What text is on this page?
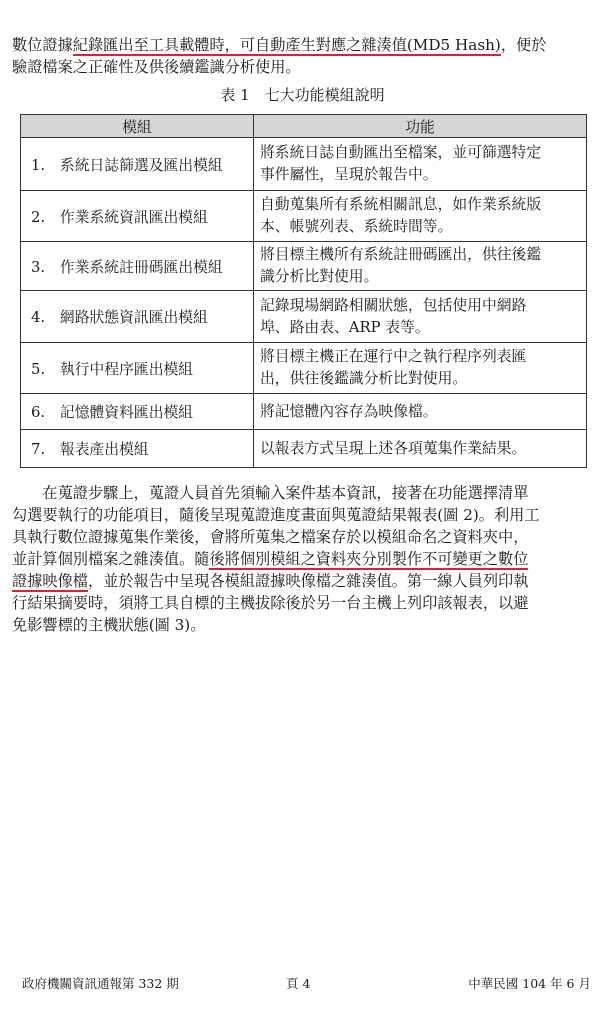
數位證據紀錄匯出至工具載體時，可自動產生對應之雜湊值(MD5 Hash)，便於
驗證檔案之正確性及供後續鑑識分析使用。

表 1　七大功能模組說明
模組	功能
1.　系統日誌篩選及匯出模組	將系統日誌自動匯出至檔案，並可篩選特定
事件屬性，呈現於報告中。

2.　作業系統資訊匯出模組	自動蒐集所有系統相關訊息，如作業系統版
本、帳號列表、系統時間等。

3.　作業系統註冊碼匯出模組	將目標主機所有系統註冊碼匯出，供往後鑑
識分析比對使用。

4.　網路狀態資訊匯出模組	記錄現場網路相關狀態，包括使用中網路
埠、路由表、ARP 表等。

5.　執行中程序匯出模組	將目標主機正在運行中之執行程序列表匯
出，供往後鑑識分析比對使用。

6.　記憶體資料匯出模組	將記憶體內容存為映像檔。

7.　報表產出模組	以報表方式呈現上述各項蒐集作業結果。

　　在蒐證步驟上，蒐證人員首先須輸入案件基本資訊，接著在功能選擇清單
勾選要執行的功能項目，隨後呈現蒐證進度畫面與蒐證結果報表(圖 2)。利用工
具執行數位證據蒐集作業後，會將所蒐集之檔案存於以模組命名之資料夾中，
並計算個別檔案之雜湊值。隨後將個別模組之資料夾分別製作不可變更之數位
證據映像檔，並於報告中呈現各模組證據映像檔之雜湊值。第一線人員列印執
行結果摘要時，須將工具自標的主機拔除後於另一台主機上列印該報表，以避
免影響標的主機狀態(圖 3)。

政府機關資訊通報第 332 期	頁 4	中華民國 104 年 6 月
